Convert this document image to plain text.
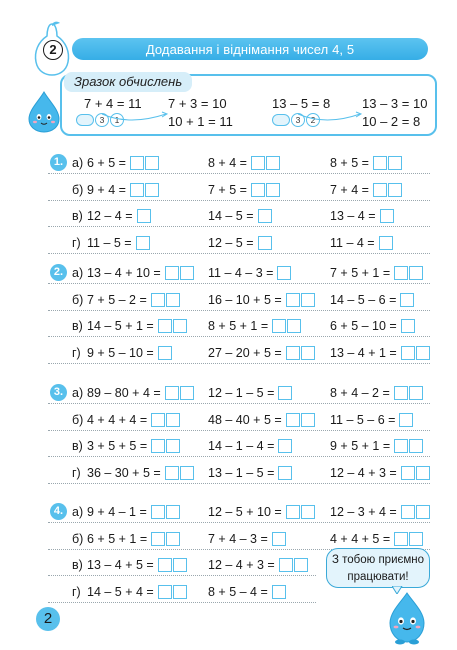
2	Додавання і віднімання чисел 4, 5
Зразок обчислень
7 + 4 = 11 7 + 3 = 10
10 + 1 = 11
3	1
13 – 5 = 8 13 – 3 = 10
10 – 2 = 8
3	2
1. а) 6 + 5 =	8 + 4 =	8 + 5 =
б) 9 + 4 =	7 + 5 =	7 + 4 =
в) 12 – 4 =	14 – 5 =	13 – 4 =
г) 11 – 5 =	12 – 5 =	11 – 4 =
2. а) 13 – 4 + 10 =	11 – 4 – 3 =	7 + 5 + 1 =
б) 7 + 5 – 2 =	16 – 10 + 5 =	14 – 5 – 6 =
в) 14 – 5 + 1 =	8 + 5 + 1 =	6 + 5 – 10 =
г) 9 + 5 – 10 =	27 – 20 + 5 =	13 – 4 + 1 =
3. а) 89 – 80 + 4 =	12 – 1 – 5 =	8 + 4 – 2 =
б) 4 + 4 + 4 =	48 – 40 + 5 =	11 – 5 – 6 =
в) 3 + 5 + 5 =	14 – 1 – 4 =	9 + 5 + 1 =
г) 36 – 30 + 5 =	13 – 1 – 5 =	12 – 4 + 3 =
4. а) 9 + 4 – 1 =	12 – 5 + 10 =	12 – 3 + 4 =
б) 6 + 5 + 1 =	7 + 4 – 3 =	4 + 4 + 5 =
в) 13 – 4 + 5 =	12 – 4 + 3 =
г) 14 – 5 + 4 =	8 + 5 – 4 =
З тобою приємно
працювати!
2
